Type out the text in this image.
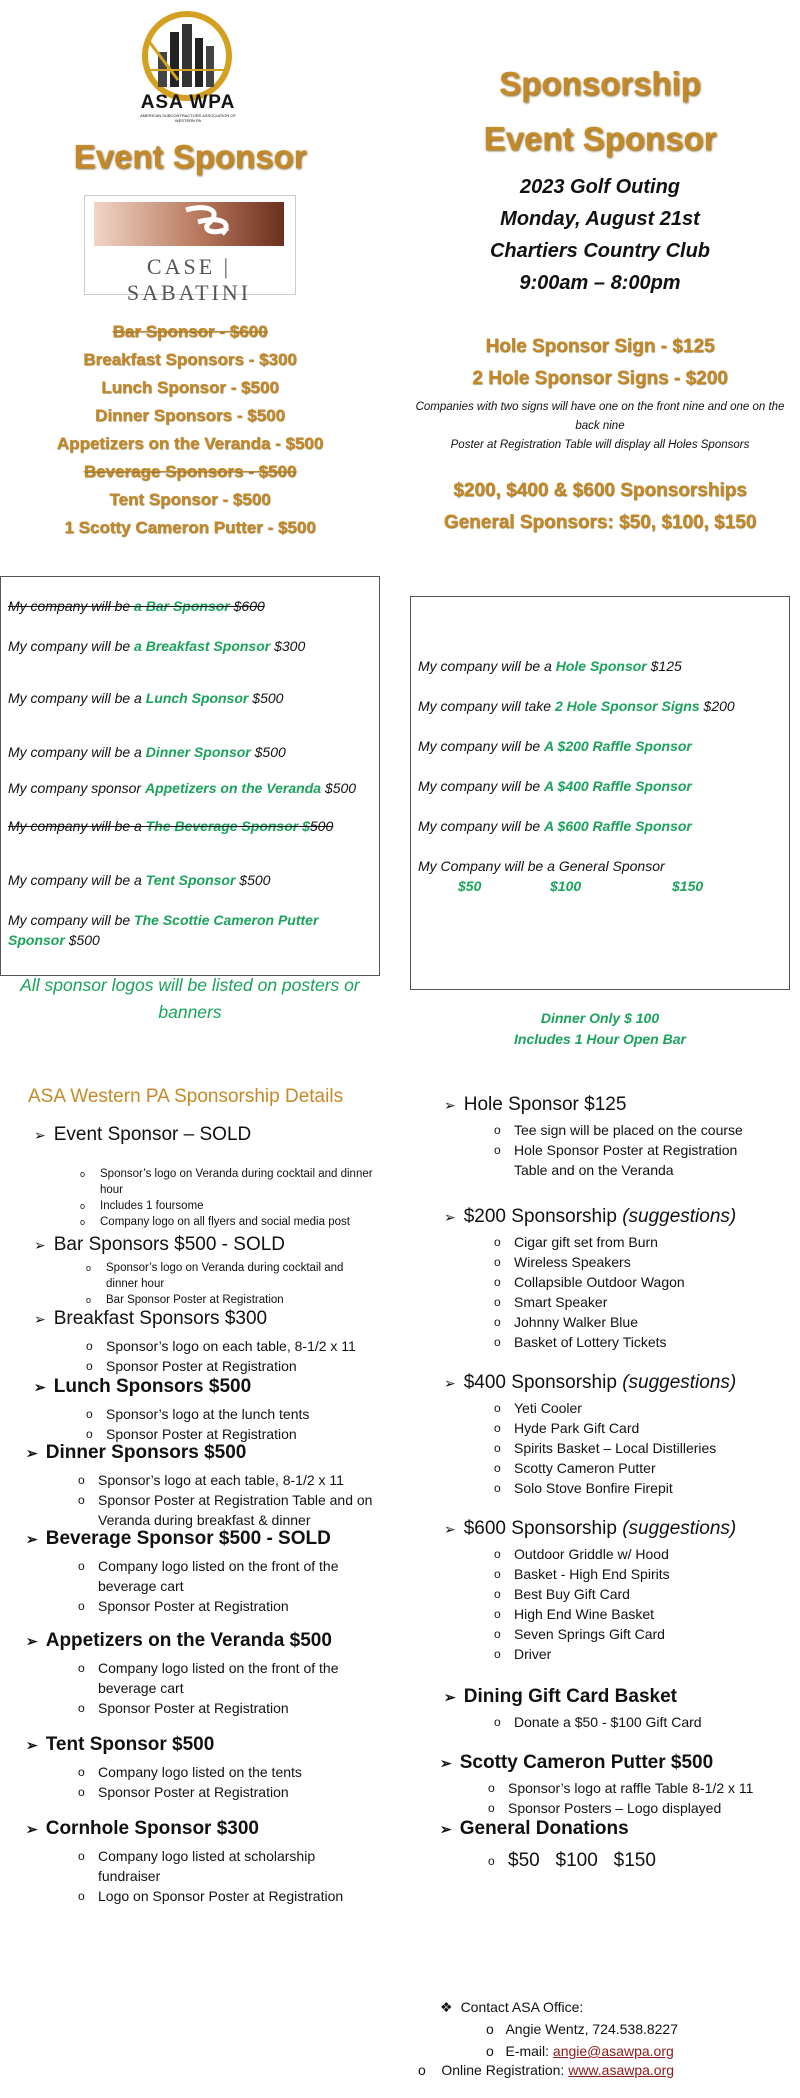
ASA WPA
AMERICAN SUBCONTRACTORS ASSOCIATION OF WESTERN PA
Event Sponsor
CASE | SABATINI
Bar Sponsor - $600
Breakfast Sponsors - $300
Lunch Sponsor - $500
Dinner Sponsors - $500
Appetizers on the Veranda - $500
Beverage Sponsors - $500
Tent Sponsor - $500
1 Scotty Cameron Putter - $500
Sponsorship
Event Sponsor
2023 Golf Outing
Monday, August 21st
Chartiers Country Club
9:00am – 8:00pm
Hole Sponsor Sign - $125
2 Hole Sponsor Signs - $200
Companies with two signs will have one on the front nine and one on the back nine
Poster at Registration Table will display all Holes Sponsors
$200, $400 & $600 Sponsorships
General Sponsors: $50, $100, $150
My company will be a Bar Sponsor $600
My company will be a Breakfast Sponsor $300
My company will be a Lunch Sponsor $500
My company will be a Dinner Sponsor $500
My company sponsor Appetizers on the Veranda $500
My company will be a The Beverage Sponsor $500
My company will be a Tent Sponsor $500
My company will be The Scottie Cameron Putter Sponsor $500
My company will be a Hole Sponsor $125
My company will take 2 Hole Sponsor Signs $200
My company will be A $200 Raffle Sponsor
My company will be A $400 Raffle Sponsor
My company will be A $600 Raffle Sponsor
My Company will be a General Sponsor
$50	$100	$150
All sponsor logos will be listed on posters or banners	Dinner Only $ 100
Includes 1 Hour Open Bar
ASA Western PA Sponsorship Details
➢ Event Sponsor – SOLD
o Sponsor’s logo on Veranda during cocktail and dinner hour
o Includes 1 foursome
o Company logo on all flyers and social media post
➢ Bar Sponsors $500 - SOLD
o Sponsor’s logo on Veranda during cocktail and dinner hour
o Bar Sponsor Poster at Registration
➢ Breakfast Sponsors $300
o Sponsor’s logo on each table, 8-1/2 x 11
o Sponsor Poster at Registration
➢ Lunch Sponsors $500
o Sponsor’s logo at the lunch tents
o Sponsor Poster at Registration
➢ Dinner Sponsors $500
o Sponsor’s logo at each table, 8-1/2 x 11
o Sponsor Poster at Registration Table and on Veranda during breakfast & dinner
➢ Beverage Sponsor $500 - SOLD
o Company logo listed on the front of the beverage cart
o Sponsor Poster at Registration
➢ Appetizers on the Veranda $500
o Company logo listed on the front of the beverage cart
o Sponsor Poster at Registration
➢ Tent Sponsor $500
o Company logo listed on the tents
o Sponsor Poster at Registration
➢ Cornhole Sponsor $300
o Company logo listed at scholarship fundraiser
o Logo on Sponsor Poster at Registration
➢ Hole Sponsor $125
o Tee sign will be placed on the course
o Hole Sponsor Poster at Registration Table and on the Veranda
➢ $200 Sponsorship (suggestions)
o Cigar gift set from Burn
o Wireless Speakers
o Collapsible Outdoor Wagon
o Smart Speaker
o Johnny Walker Blue
o Basket of Lottery Tickets
➢ $400 Sponsorship (suggestions)
o Yeti Cooler
o Hyde Park Gift Card
o Spirits Basket – Local Distilleries
o Scotty Cameron Putter
o Solo Stove Bonfire Firepit
➢ $600 Sponsorship (suggestions)
o Outdoor Griddle w/ Hood
o Basket - High End Spirits
o Best Buy Gift Card
o High End Wine Basket
o Seven Springs Gift Card
o Driver
➢ Dining Gift Card Basket
o Donate a $50 - $100 Gift Card
➢ Scotty Cameron Putter $500
o Sponsor’s logo at raffle Table 8-1/2 x 11
o Sponsor Posters – Logo displayed
➢ General Donations
o $50   $100   $150
❖ Contact ASA Office:
o   Angie Wentz, 724.538.8227
o   E-mail: angie@asawpa.org
o    Online Registration: www.asawpa.org
